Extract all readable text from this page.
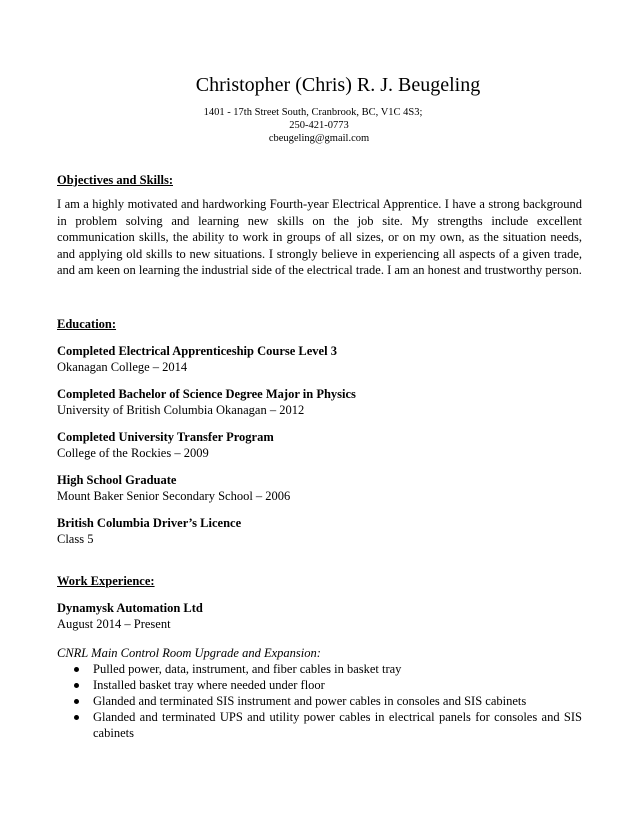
Christopher (Chris) R. J. Beugeling
1401 - 17th Street South, Cranbrook, BC, V1C 4S3;
250-421-0773
cbeugeling@gmail.com
Objectives and Skills:

I am a highly motivated and hardworking Fourth-year Electrical Apprentice. I have a strong background in problem solving and learning new skills on the job site. My strengths include excellent communication skills, the ability to work in groups of all sizes, or on my own, as the situation needs, and applying old skills to new situations. I strongly believe in experiencing all aspects of a given trade, and am keen on learning the industrial side of the electrical trade. I am an honest and trustworthy person.

Education:
Completed Electrical Apprenticeship Course Level 3
Okanagan College – 2014
Completed Bachelor of Science Degree Major in Physics
University of British Columbia Okanagan – 2012
Completed University Transfer Program
College of the Rockies – 2009
High School Graduate
Mount Baker Senior Secondary School – 2006
British Columbia Driver’s Licence
Class 5
Work Experience:
Dynamysk Automation Ltd
August 2014 – Present
CNRL Main Control Room Upgrade and Expansion:
Pulled power, data, instrument, and fiber cables in basket tray
Installed basket tray where needed under floor
Glanded and terminated SIS instrument and power cables in consoles and SIS cabinets
Glanded and terminated UPS and utility power cables in electrical panels for consoles and SIS cabinets
